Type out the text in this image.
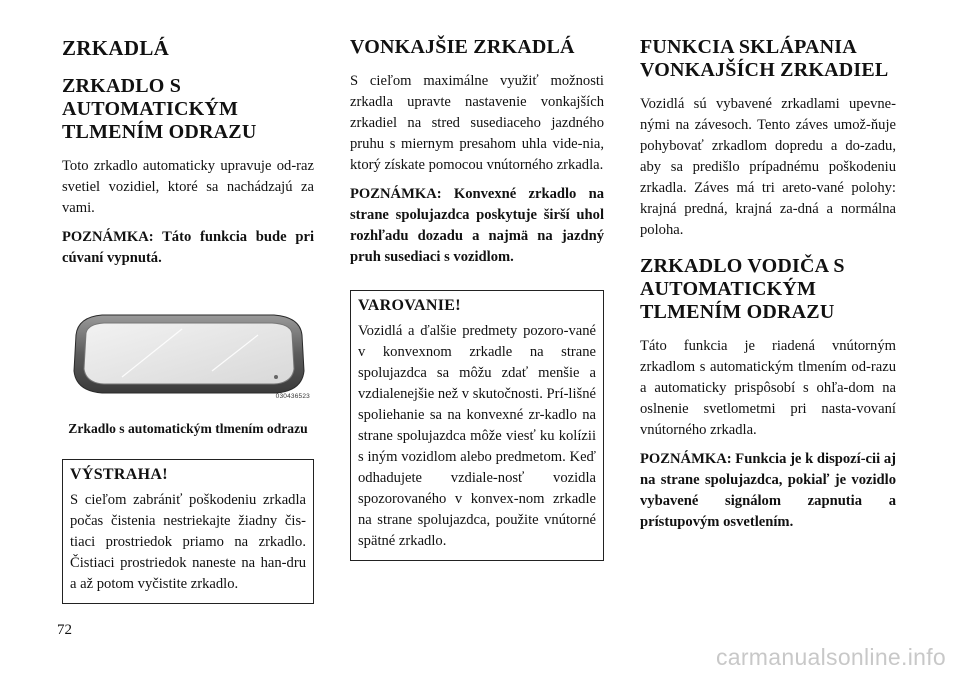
ZRKADLÁ
ZRKADLO S AUTOMATICKÝM TLMENÍM ODRAZU

Toto zrkadlo automaticky upravuje od-raz svetiel vozidiel, ktoré sa nachádzajú za vami.

POZNÁMKA: Táto funkcia bude pri cúvaní vypnutá.

030436523

Zrkadlo s automatickým tlmením odrazu

VÝSTRAHA!

S cieľom zabrániť poškodeniu zrkadla počas čistenia nestriekajte žiadny čis-tiaci prostriedok priamo na zrkadlo. Čistiaci prostriedok naneste na han-dru a až potom vyčistite zrkadlo.

VONKAJŠIE ZRKADLÁ

S cieľom maximálne využiť možnosti zrkadla upravte nastavenie vonkajších zrkadiel na stred susediaceho jazdného pruhu s miernym presahom uhla vide-nia, ktorý získate pomocou vnútorného zrkadla.

POZNÁMKA: Konvexné zrkadlo na strane spolujazdca poskytuje širší uhol rozhľadu dozadu a najmä na jazdný pruh susediaci s vozidlom.

VAROVANIE!

Vozidlá a ďalšie predmety pozoro-vané v konvexnom zrkadle na strane spolujazdca sa môžu zdať menšie a vzdialenejšie než v skutočnosti. Prí-lišné spoliehanie sa na konvexné zr-kadlo na strane spolujazdca môže viesť ku kolízii s iným vozidlom alebo predmetom. Keď odhadujete vzdiale-nosť vozidla spozorovaného v konvex-nom zrkadle na strane spolujazdca, použite vnútorné spätné zrkadlo.

FUNKCIA SKLÁPANIA VONKAJŠÍCH ZRKADIEL

Vozidlá sú vybavené zrkadlami upevne-nými na závesoch. Tento záves umož-ňuje pohybovať zrkadlom dopredu a do-zadu, aby sa predišlo prípadnému poškodeniu zrkadla. Záves má tri areto-vané polohy: krajná predná, krajná za-dná a normálna poloha.

ZRKADLO VODIČA S AUTOMATICKÝM TLMENÍM ODRAZU

Táto funkcia je riadená vnútorným zrkadlom s automatickým tlmením od-razu a automaticky prispôsobí s ohľa-dom na oslnenie svetlometmi pri nasta-vovaní vnútorného zrkadla.

POZNÁMKA: Funkcia je k dispozí-cii aj na strane spolujazdca, pokiaľ je vozidlo vybavené signálom zapnutia a prístupovým osvetlením.

72
carmanualsonline.info
